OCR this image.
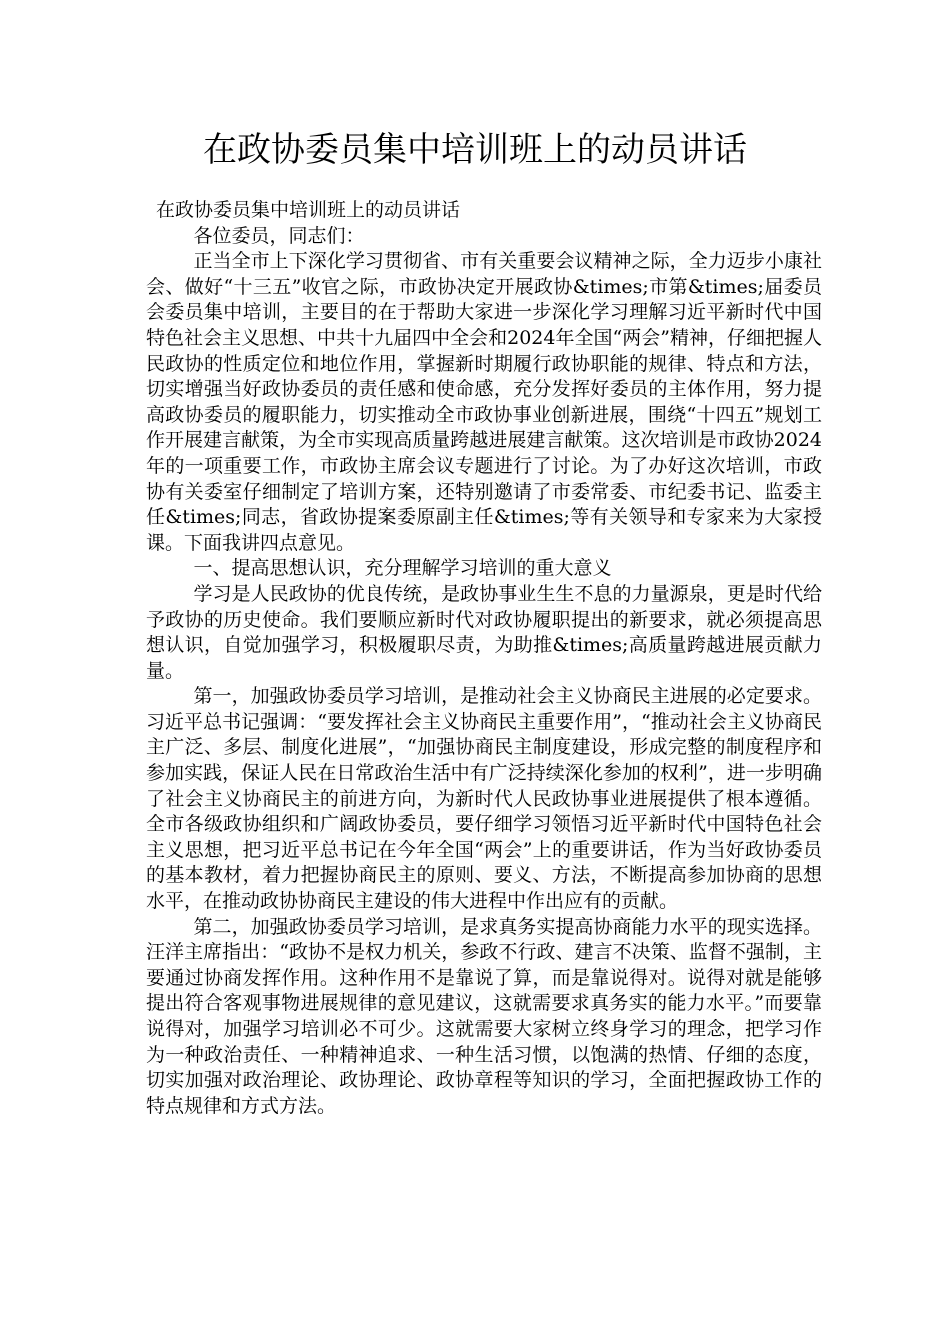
在政协委员集中培训班上的动员讲话

在政协委员集中培训班上的动员讲话

各位委员，同志们：

正当全市上下深化学习贯彻省、市有关重要会议精神之际，全力迈步小康社会、做好“十三五”收官之际，市政协决定开展政协&times;市第&times;届委员会委员集中培训，主要目的在于帮助大家进一步深化学习理解习近平新时代中国特色社会主义思想、中共十九届四中全会和2024年全国“两会”精神，仔细把握人民政协的性质定位和地位作用，掌握新时期履行政协职能的规律、特点和方法，切实增强当好政协委员的责任感和使命感，充分发挥好委员的主体作用，努力提高政协委员的履职能力，切实推动全市政协事业创新进展，围绕“十四五”规划工作开展建言献策，为全市实现高质量跨越进展建言献策。这次培训是市政协2024年的一项重要工作，市政协主席会议专题进行了讨论。为了办好这次培训，市政协有关委室仔细制定了培训方案，还特别邀请了市委常委、市纪委书记、监委主任&times;同志，省政协提案委原副主任&times;等有关领导和专家来为大家授课。下面我讲四点意见。

一、提高思想认识，充分理解学习培训的重大意义

学习是人民政协的优良传统，是政协事业生生不息的力量源泉，更是时代给予政协的历史使命。我们要顺应新时代对政协履职提出的新要求，就必须提高思想认识，自觉加强学习，积极履职尽责，为助推&times;高质量跨越进展贡献力量。

第一，加强政协委员学习培训，是推动社会主义协商民主进展的必定要求。习近平总书记强调：“要发挥社会主义协商民主重要作用”，“推动社会主义协商民主广泛、多层、制度化进展”，“加强协商民主制度建设，形成完整的制度程序和参加实践，保证人民在日常政治生活中有广泛持续深化参加的权利”，进一步明确了社会主义协商民主的前进方向，为新时代人民政协事业进展提供了根本遵循。全市各级政协组织和广阔政协委员，要仔细学习领悟习近平新时代中国特色社会主义思想，把习近平总书记在今年全国“两会”上的重要讲话，作为当好政协委员的基本教材，着力把握协商民主的原则、要义、方法，不断提高参加协商的思想水平，在推动政协协商民主建设的伟大进程中作出应有的贡献。

第二，加强政协委员学习培训，是求真务实提高协商能力水平的现实选择。汪洋主席指出：“政协不是权力机关，参政不行政、建言不决策、监督不强制，主要通过协商发挥作用。这种作用不是靠说了算，而是靠说得对。说得对就是能够提出符合客观事物进展规律的意见建议，这就需要求真务实的能力水平。”而要靠说得对，加强学习培训必不可少。这就需要大家树立终身学习的理念，把学习作为一种政治责任、一种精神追求、一种生活习惯，以饱满的热情、仔细的态度，切实加强对政治理论、政协理论、政协章程等知识的学习，全面把握政协工作的特点规律和方式方法。
